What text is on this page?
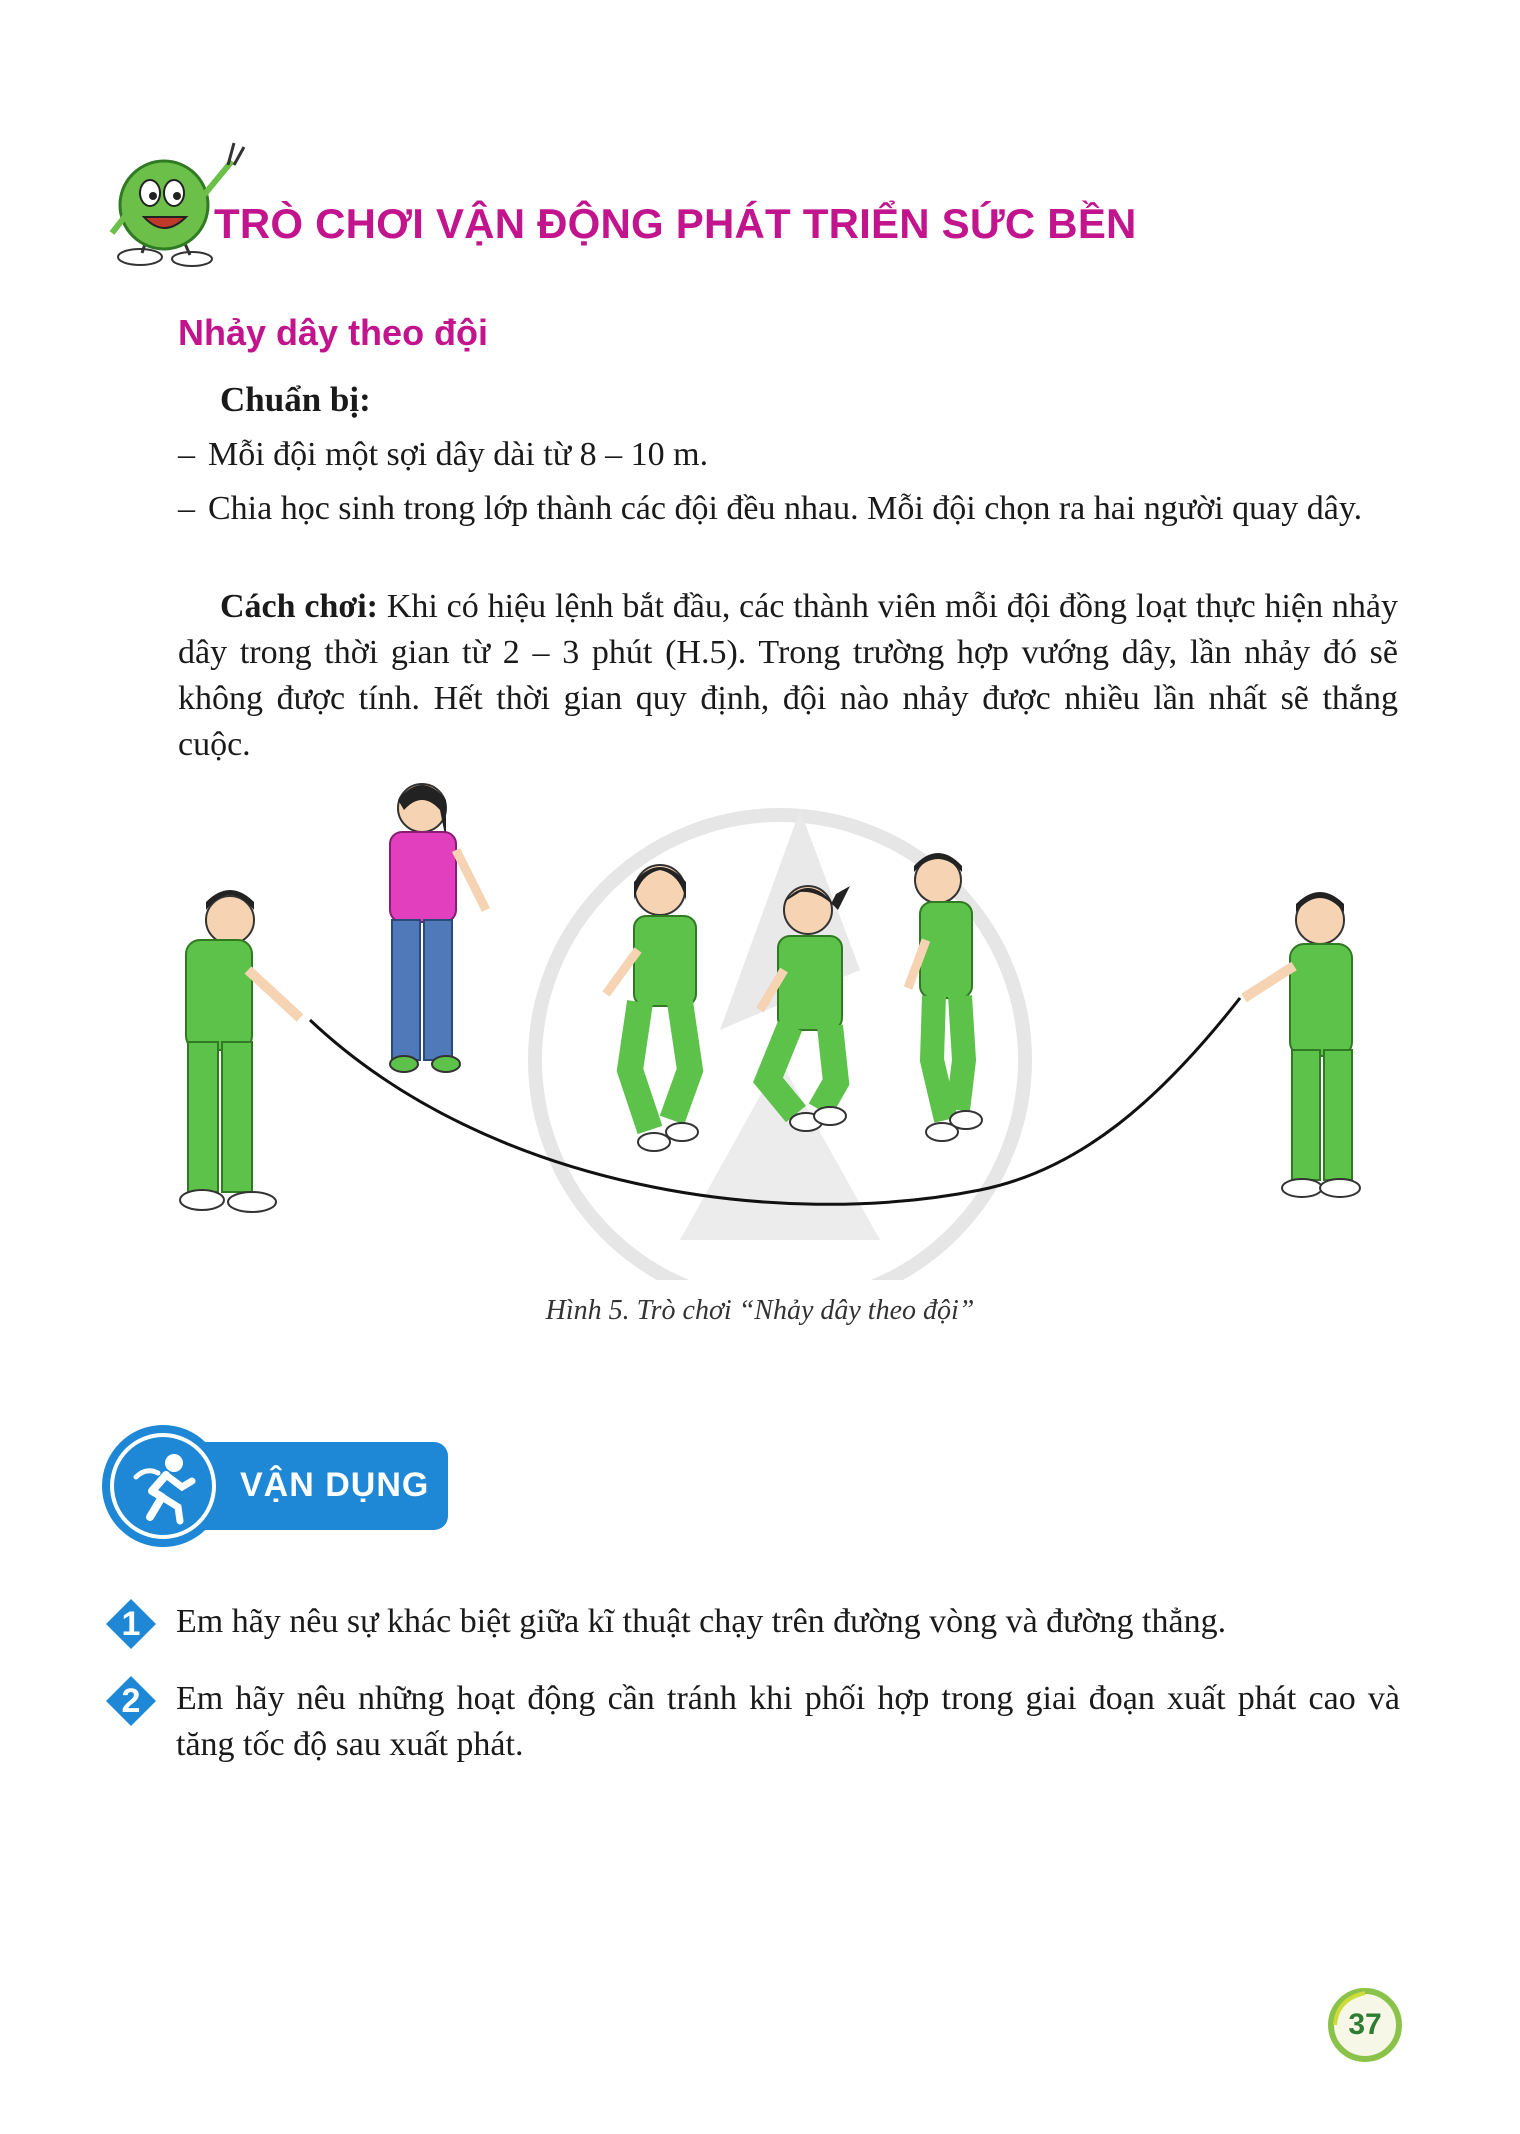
TRÒ CHƠI VẬN ĐỘNG PHÁT TRIỂN SỨC BỀN
Nhảy dây theo đội
Chuẩn bị:
– Mỗi đội một sợi dây dài từ 8 – 10 m.
– Chia học sinh trong lớp thành các đội đều nhau. Mỗi đội chọn ra hai người quay dây.
Cách chơi: Khi có hiệu lệnh bắt đầu, các thành viên mỗi đội đồng loạt thực hiện nhảy dây trong thời gian từ 2 – 3 phút (H.5). Trong trường hợp vướng dây, lần nhảy đó sẽ không được tính. Hết thời gian quy định, đội nào nhảy được nhiều lần nhất sẽ thắng cuộc.
Hình 5. Trò chơi “Nhảy dây theo đội”
VẬN DỤNG
1	Em hãy nêu sự khác biệt giữa kĩ thuật chạy trên đường vòng và đường thẳng.
2	Em hãy nêu những hoạt động cần tránh khi phối hợp trong giai đoạn xuất phát cao và tăng tốc độ sau xuất phát.
37
